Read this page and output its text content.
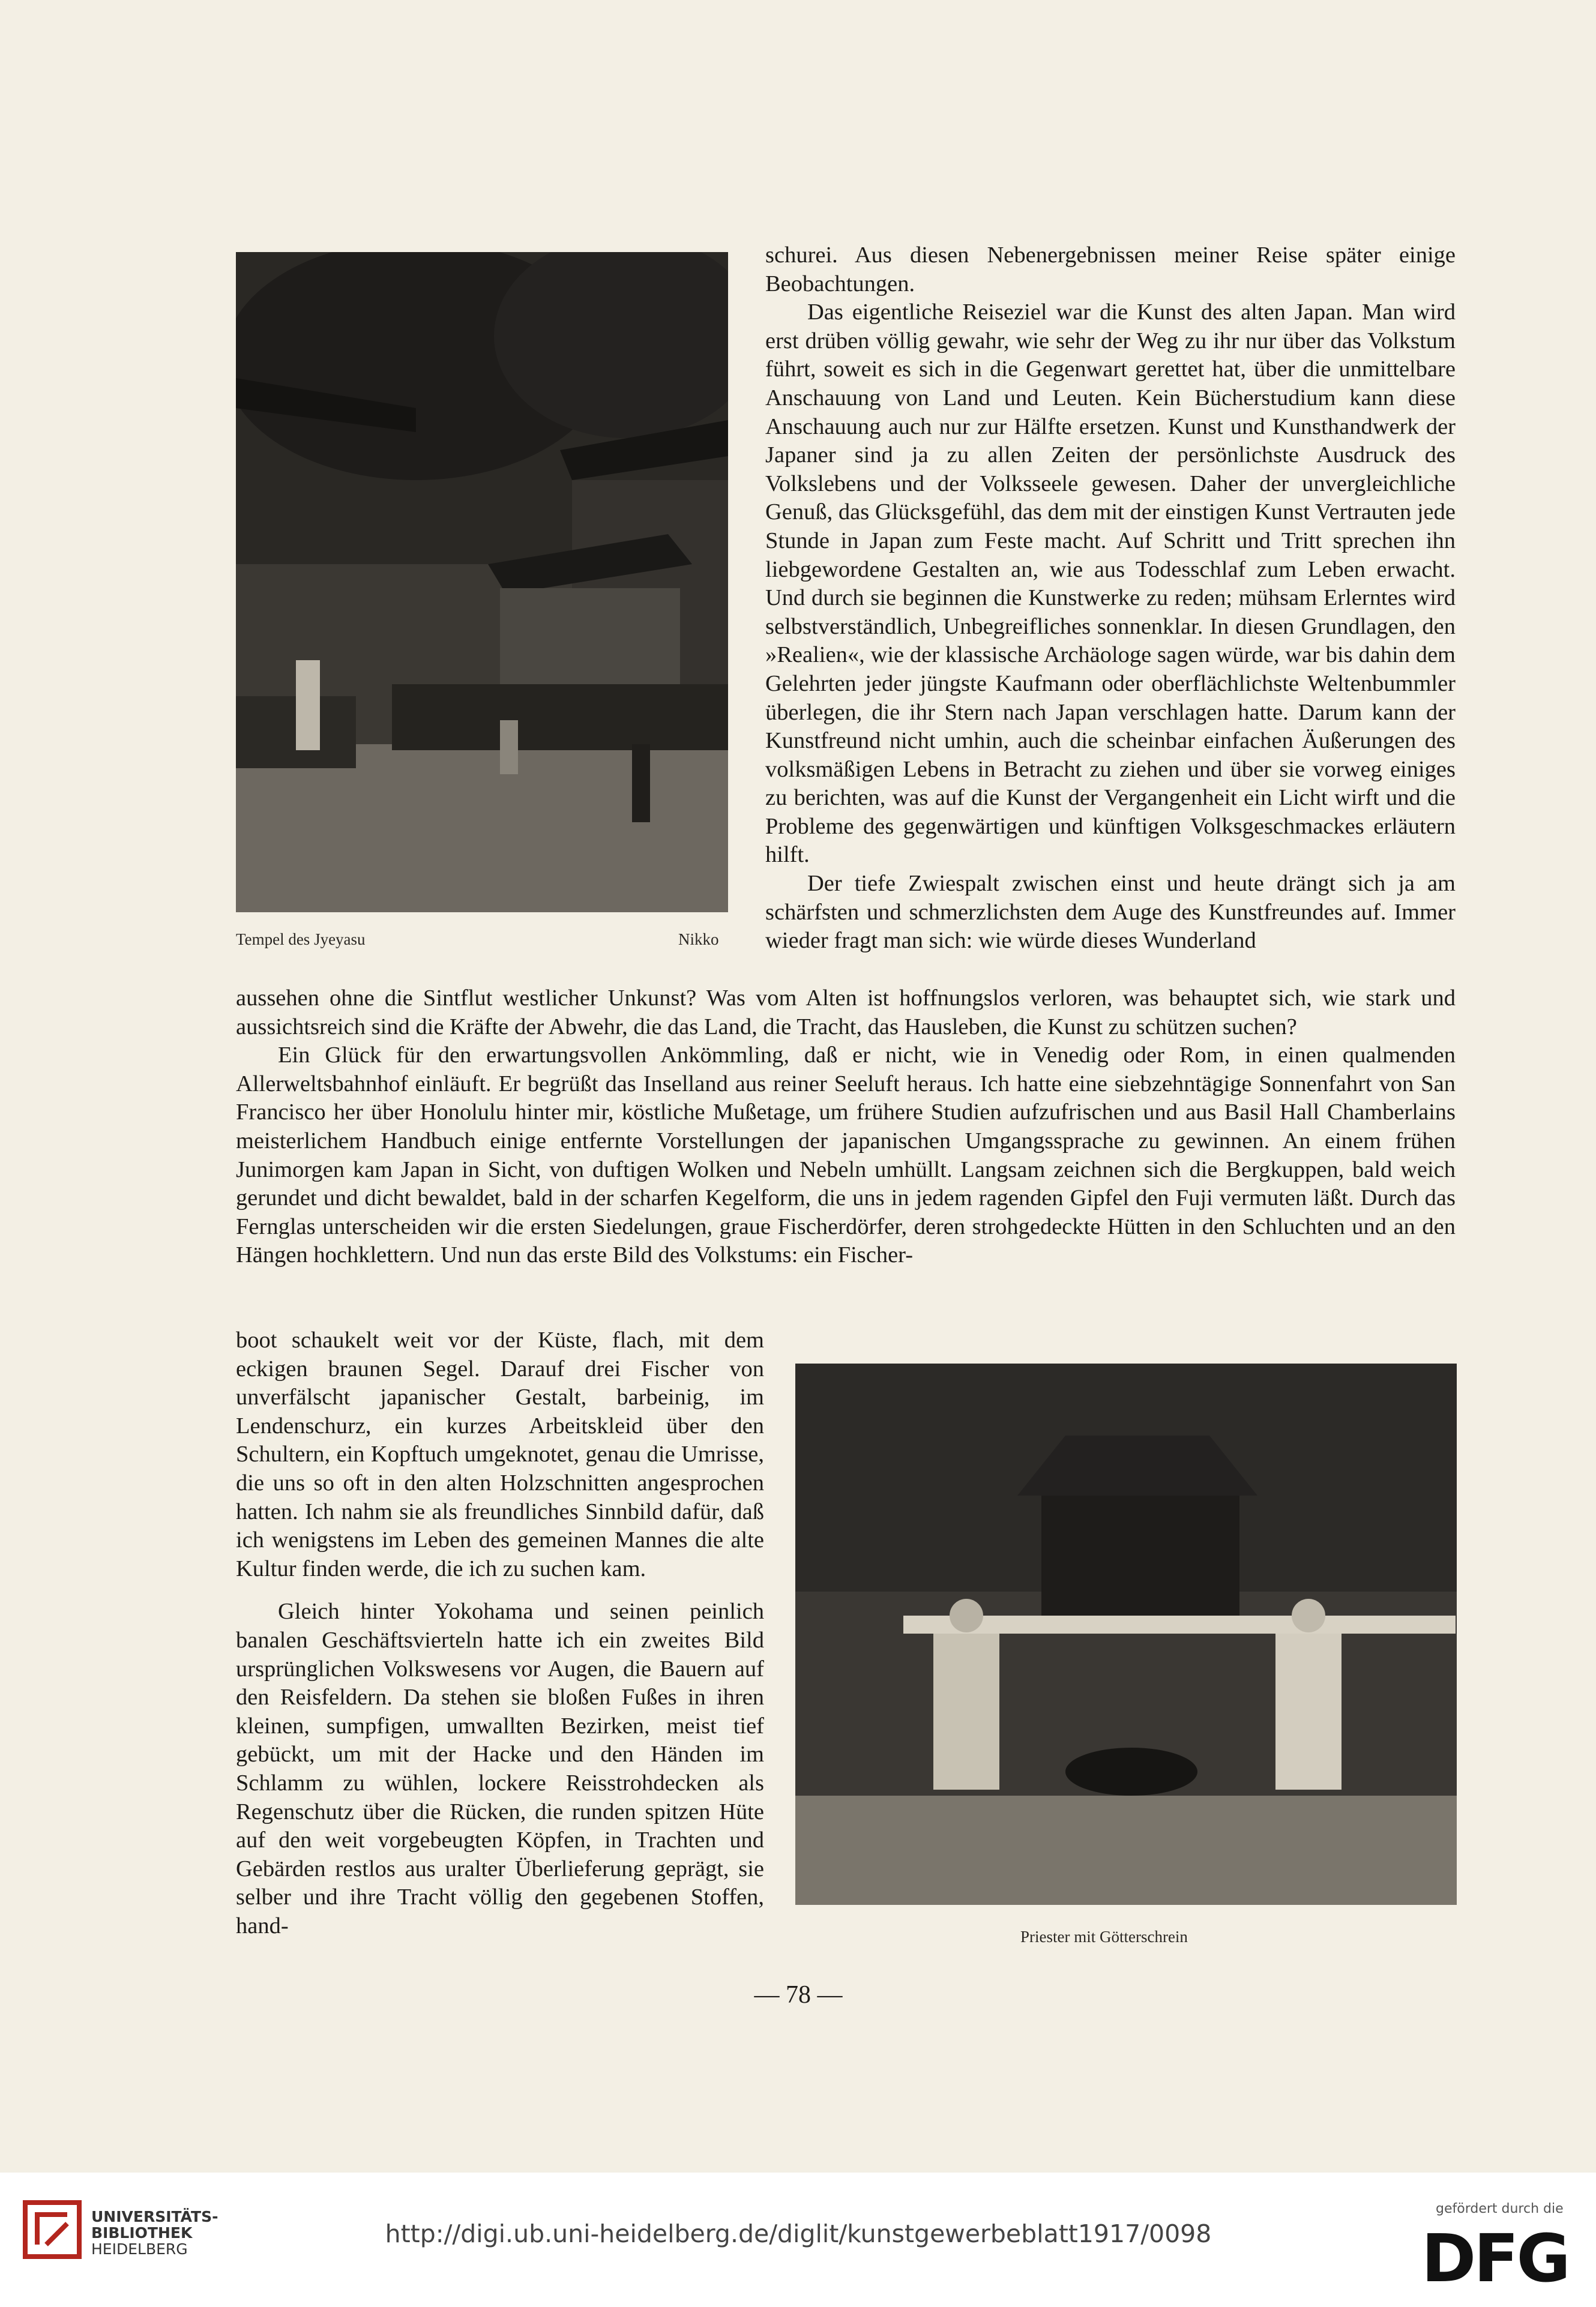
Tempel des Jyeyasu	Nikko

schurei. Aus diesen Nebenergebnissen meiner Reise später einige Beobachtungen.

Das eigentliche Reiseziel war die Kunst des alten Japan. Man wird erst drüben völlig gewahr, wie sehr der Weg zu ihr nur über das Volkstum führt, soweit es sich in die Gegenwart gerettet hat, über die unmittelbare Anschauung von Land und Leuten. Kein Bücherstudium kann diese Anschauung auch nur zur Hälfte ersetzen. Kunst und Kunsthandwerk der Japaner sind ja zu allen Zeiten der persönlichste Ausdruck des Volkslebens und der Volksseele gewesen. Daher der unvergleichliche Genuß, das Glücksgefühl, das dem mit der einstigen Kunst Vertrauten jede Stunde in Japan zum Feste macht. Auf Schritt und Tritt sprechen ihn liebgewordene Gestalten an, wie aus Todesschlaf zum Leben erwacht. Und durch sie beginnen die Kunstwerke zu reden; mühsam Erlerntes wird selbstverständlich, Unbegreifliches sonnenklar. In diesen Grundlagen, den »Realien«, wie der klassische Archäologe sagen würde, war bis dahin dem Gelehrten jeder jüngste Kaufmann oder oberflächlichste Weltenbummler überlegen, die ihr Stern nach Japan verschlagen hatte. Darum kann der Kunstfreund nicht umhin, auch die scheinbar einfachen Äußerungen des volksmäßigen Lebens in Betracht zu ziehen und über sie vorweg einiges zu berichten, was auf die Kunst der Vergangenheit ein Licht wirft und die Probleme des gegenwärtigen und künftigen Volksgeschmackes erläutern hilft.

Der tiefe Zwiespalt zwischen einst und heute drängt sich ja am schärfsten und schmerzlichsten dem Auge des Kunstfreundes auf. Immer wieder fragt man sich: wie würde dieses Wunderland

aussehen ohne die Sintflut westlicher Unkunst? Was vom Alten ist hoffnungslos verloren, was behauptet sich, wie stark und aussichtsreich sind die Kräfte der Abwehr, die das Land, die Tracht, das Hausleben, die Kunst zu schützen suchen?

Ein Glück für den erwartungsvollen Ankömmling, daß er nicht, wie in Venedig oder Rom, in einen qualmenden Allerweltsbahnhof einläuft. Er begrüßt das Inselland aus reiner Seeluft heraus. Ich hatte eine siebzehntägige Sonnenfahrt von San Francisco her über Honolulu hinter mir, köstliche Mußetage, um frühere Studien aufzufrischen und aus Basil Hall Chamberlains meisterlichem Handbuch einige entfernte Vorstellungen der japanischen Umgangssprache zu gewinnen. An einem frühen Junimorgen kam Japan in Sicht, von duftigen Wolken und Nebeln umhüllt. Langsam zeichnen sich die Bergkuppen, bald weich gerundet und dicht bewaldet, bald in der scharfen Kegelform, die uns in jedem ragenden Gipfel den Fuji vermuten läßt. Durch das Fernglas unterscheiden wir die ersten Siedelungen, graue Fischerdörfer, deren strohgedeckte Hütten in den Schluchten und an den Hängen hochklettern. Und nun das erste Bild des Volkstums: ein Fischer-

boot schaukelt weit vor der Küste, flach, mit dem eckigen braunen Segel. Darauf drei Fischer von unverfälscht japanischer Gestalt, barbeinig, im Lendenschurz, ein kurzes Arbeitskleid über den Schultern, ein Kopftuch umgeknotet, genau die Umrisse, die uns so oft in den alten Holzschnitten angesprochen hatten. Ich nahm sie als freundliches Sinnbild dafür, daß ich wenigstens im Leben des gemeinen Mannes die alte Kultur finden werde, die ich zu suchen kam.

Gleich hinter Yokohama und seinen peinlich banalen Geschäftsvierteln hatte ich ein zweites Bild ursprünglichen Volkswesens vor Augen, die Bauern auf den Reisfeldern. Da stehen sie bloßen Fußes in ihren kleinen, sumpfigen, umwallten Bezirken, meist tief gebückt, um mit der Hacke und den Händen im Schlamm zu wühlen, lockere Reisstrohdecken als Regenschutz über die Rücken, die runden spitzen Hüte auf den weit vorgebeugten Köpfen, in Trachten und Gebärden restlos aus uralter Überlieferung geprägt, sie selber und ihre Tracht völlig den gegebenen Stoffen, hand-	Priester mit Götterschrein
— 78 —
UNIVERSITÄTS-
BIBLIOTHEK
HEIDELBERG
http://digi.ub.uni-heidelberg.de/diglit/kunstgewerbeblatt1917/0098
gefördert durch die
DFG
